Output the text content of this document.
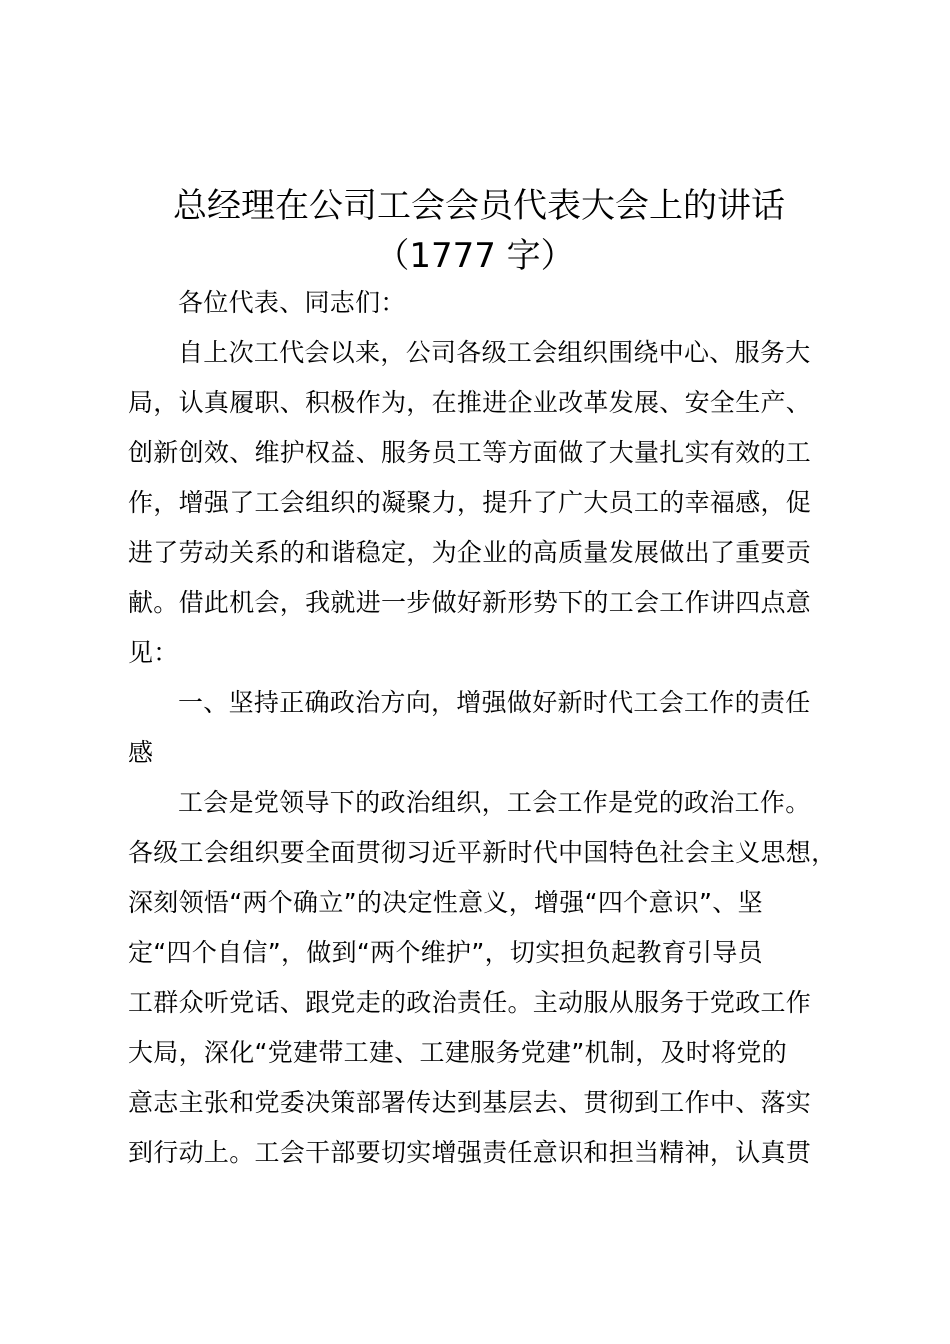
总经理在公司工会会员代表大会上的讲话
（1777 字）
各位代表、同志们：
自上次工代会以来，公司各级工会组织围绕中心、服务大
局，认真履职、积极作为，在推进企业改革发展、安全生产、
创新创效、维护权益、服务员工等方面做了大量扎实有效的工
作，增强了工会组织的凝聚力，提升了广大员工的幸福感，促
进了劳动关系的和谐稳定，为企业的高质量发展做出了重要贡
献。借此机会，我就进一步做好新形势下的工会工作讲四点意
见：
一、坚持正确政治方向，增强做好新时代工会工作的责任
感
工会是党领导下的政治组织，工会工作是党的政治工作。
各级工会组织要全面贯彻习近平新时代中国特色社会主义思想，
深刻领悟“两个确立”的决定性意义，增强“四个意识”、坚
定“四个自信”，做到“两个维护”，切实担负起教育引导员
工群众听党话、跟党走的政治责任。主动服从服务于党政工作
大局，深化“党建带工建、工建服务党建”机制，及时将党的
意志主张和党委决策部署传达到基层去、贯彻到工作中、落实
到行动上。工会干部要切实增强责任意识和担当精神，认真贯
